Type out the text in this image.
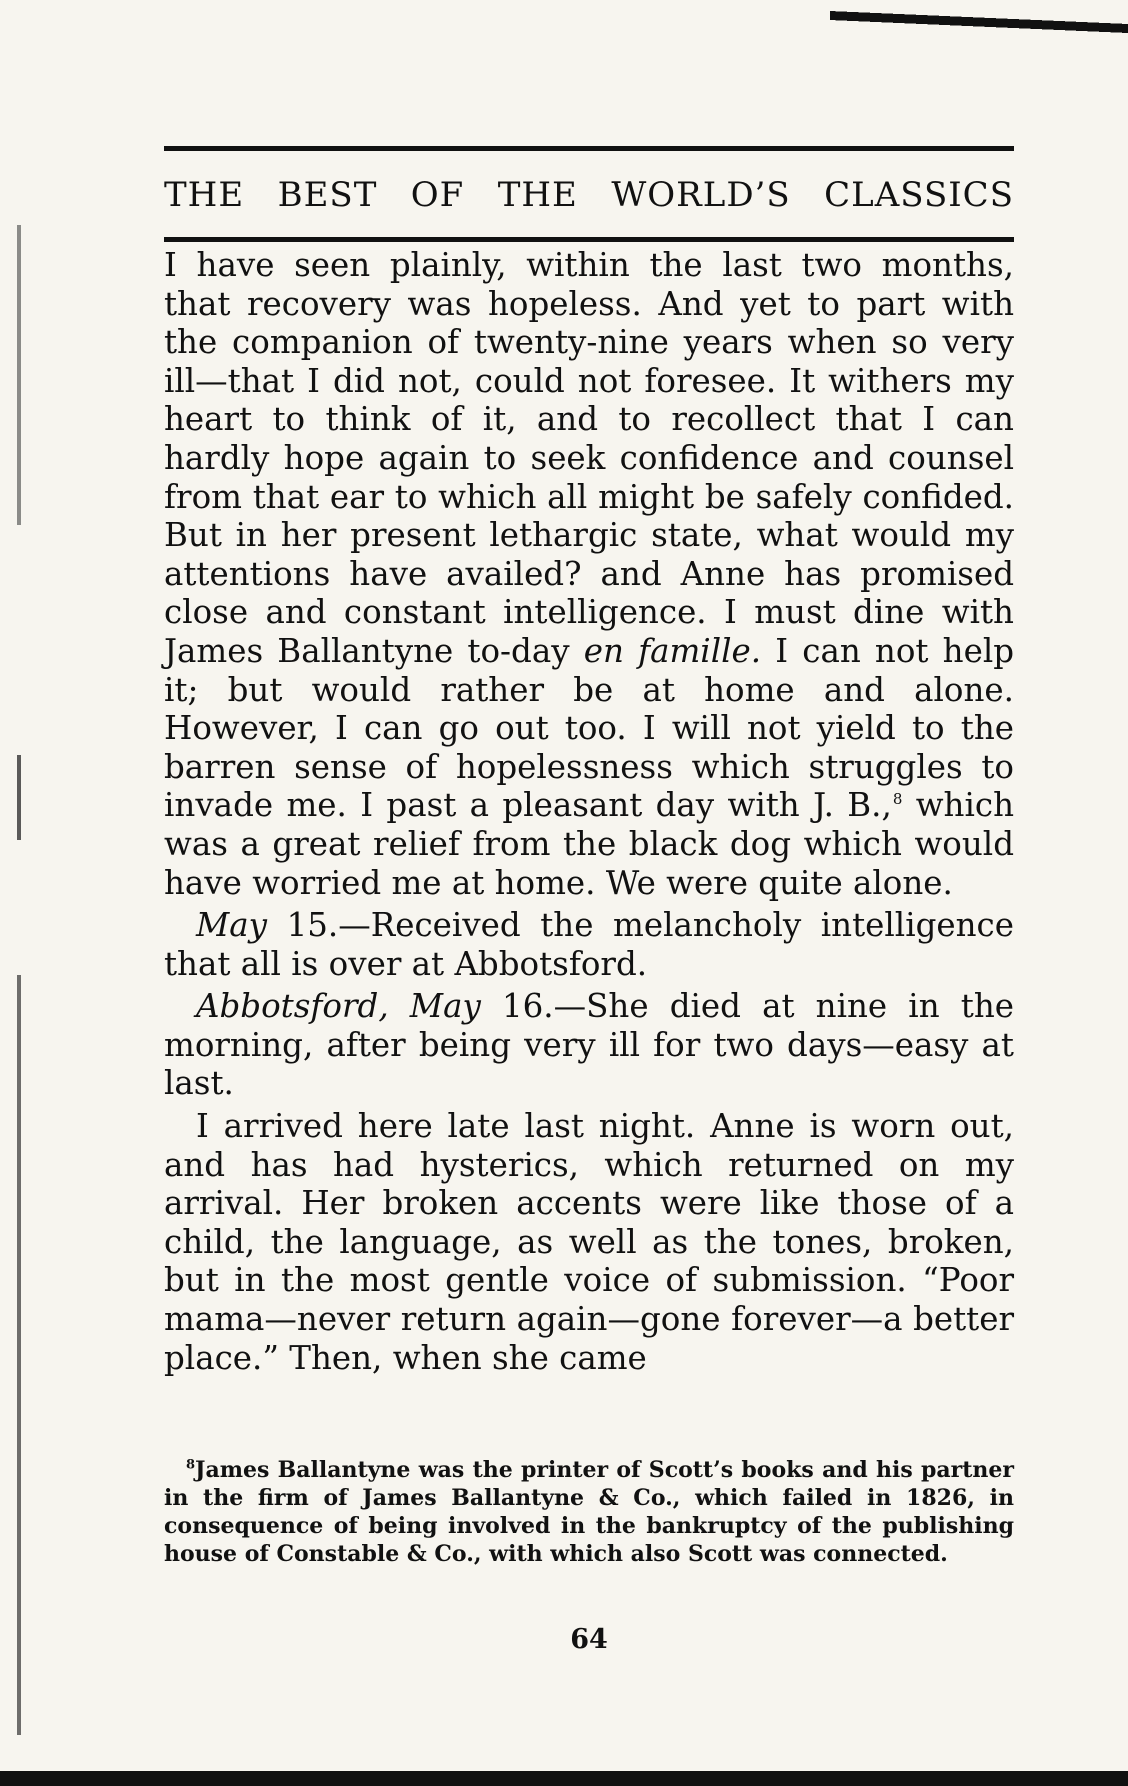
THE BEST OF THE WORLD’S CLASSICS

I have seen plainly, within the last two months, that recovery was hopeless. And yet to part with the companion of twenty-nine years when so very ill—that I did not, could not foresee. It withers my heart to think of it, and to recollect that I can hardly hope again to seek confidence and counsel from that ear to which all might be safely confided. But in her present lethargic state, what would my attentions have availed? and Anne has promised close and constant intelligence. I must dine with James Ballantyne to-day en famille. I can not help it; but would rather be at home and alone. However, I can go out too. I will not yield to the barren sense of hopelessness which struggles to invade me. I past a pleasant day with J. B.,$^8$ which was a great relief from the black dog which would have worried me at home. We were quite alone.

May 15.—Received the melancholy intelligence that all is over at Abbotsford.

Abbotsford, May 16.—She died at nine in the morning, after being very ill for two days—easy at last.

I arrived here late last night. Anne is worn out, and has had hysterics, which returned on my arrival. Her broken accents were like those of a child, the language, as well as the tones, broken, but in the most gentle voice of submission. “Poor mama—never return again—gone forever—a better place.” Then, when she came

$^8$James Ballantyne was the printer of Scott’s books and his partner in the firm of James Ballantyne & Co., which failed in 1826, in consequence of being involved in the bankruptcy of the publishing house of Constable & Co., with which also Scott was connected.

64
